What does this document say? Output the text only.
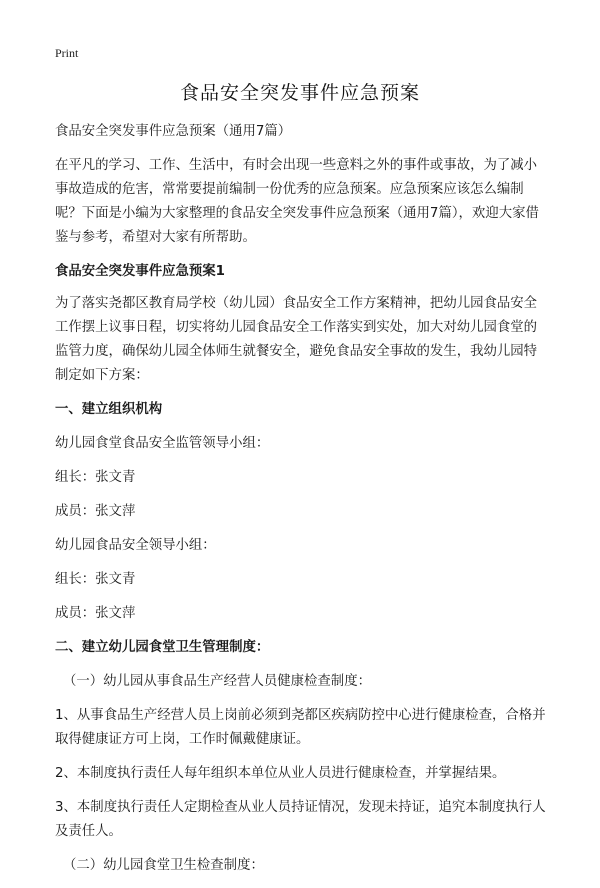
Print
食品安全突发事件应急预案

食品安全突发事件应急预案（通用7篇）

在平凡的学习、工作、生活中，有时会出现一些意料之外的事件或事故，为了减小事故造成的危害，常常要提前编制一份优秀的应急预案。应急预案应该怎么编制呢？下面是小编为大家整理的食品安全突发事件应急预案（通用7篇），欢迎大家借鉴与参考，希望对大家有所帮助。

食品安全突发事件应急预案1

为了落实尧都区教育局学校（幼儿园）食品安全工作方案精神，把幼儿园食品安全工作摆上议事日程，切实将幼儿园食品安全工作落实到实处，加大对幼儿园食堂的监管力度，确保幼儿园全体师生就餐安全，避免食品安全事故的发生，我幼儿园特制定如下方案：

一、建立组织机构

幼儿园食堂食品安全监管领导小组：

组长：张文青

成员：张文萍

幼儿园食品安全领导小组：

组长：张文青

成员：张文萍

二、建立幼儿园食堂卫生管理制度：

（一）幼儿园从事食品生产经营人员健康检查制度：

1、从事食品生产经营人员上岗前必须到尧都区疾病防控中心进行健康检查，合格并取得健康证方可上岗，工作时佩戴健康证。

2、本制度执行责任人每年组织本单位从业人员进行健康检查，并掌握结果。

3、本制度执行责任人定期检查从业人员持证情况，发现未持证，追究本制度执行人及责任人。

（二）幼儿园食堂卫生检查制度：
